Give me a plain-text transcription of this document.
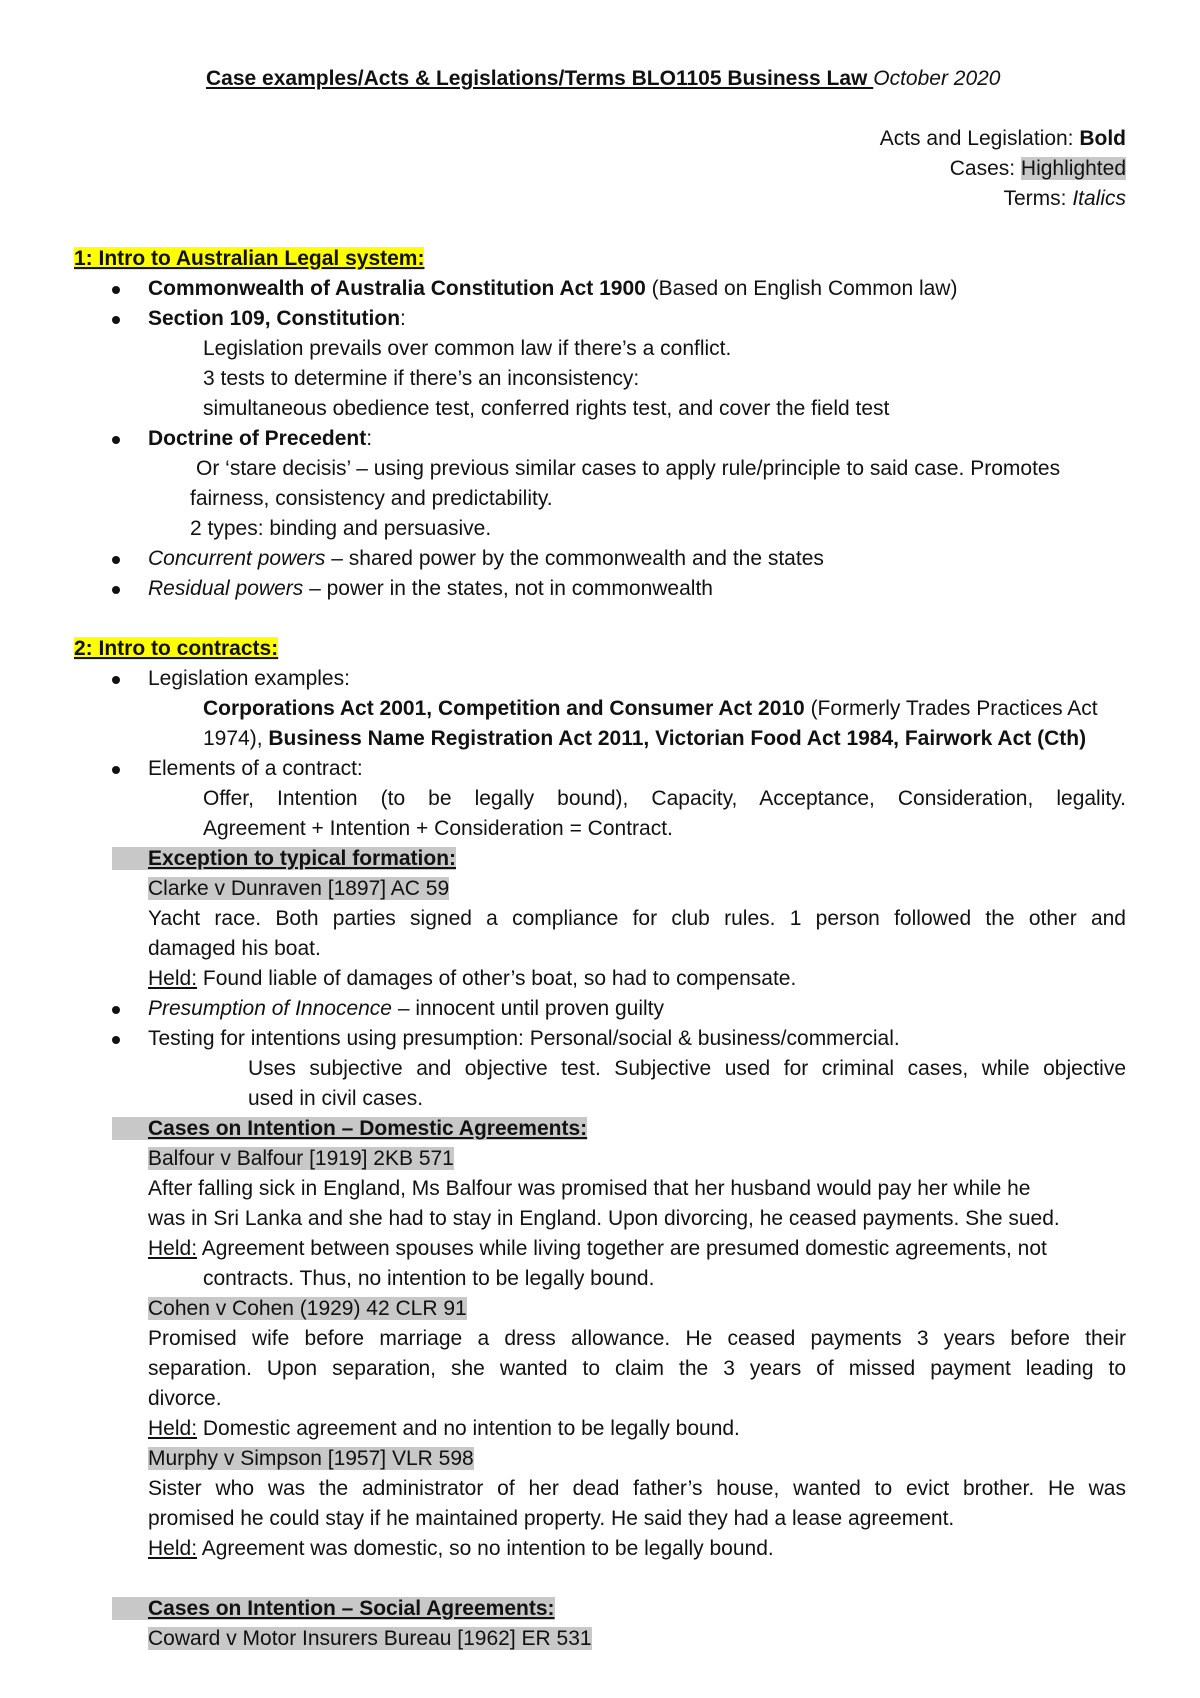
Case examples/Acts & Legislations/Terms BLO1105 Business Law October 2020
Acts and Legislation: Bold
Cases: Highlighted
Terms: Italics
1: Intro to Australian Legal system:
Commonwealth of Australia Constitution Act 1900 (Based on English Common law)
Section 109, Constitution:
Legislation prevails over common law if there’s a conflict.
3 tests to determine if there’s an inconsistency:
simultaneous obedience test, conferred rights test, and cover the field test
Doctrine of Precedent:
Or ‘stare decisis’ – using previous similar cases to apply rule/principle to said case. Promotes
fairness, consistency and predictability.
2 types: binding and persuasive.
Concurrent powers – shared power by the commonwealth and the states
Residual powers – power in the states, not in commonwealth
2: Intro to contracts:
Legislation examples:
Corporations Act 2001, Competition and Consumer Act 2010 (Formerly Trades Practices Act
1974), Business Name Registration Act 2011, Victorian Food Act 1984, Fairwork Act (Cth)
Elements of a contract:
Offer, Intention (to be legally bound), Capacity, Acceptance, Consideration, legality.
Agreement + Intention + Consideration = Contract.
Exception to typical formation:
Clarke v Dunraven [1897] AC 59
Yacht race. Both parties signed a compliance for club rules. 1 person followed the other and
damaged his boat.
Held: Found liable of damages of other’s boat, so had to compensate.
Presumption of Innocence – innocent until proven guilty
Testing for intentions using presumption: Personal/social & business/commercial.
Uses subjective and objective test. Subjective used for criminal cases, while objective
used in civil cases.
Cases on Intention – Domestic Agreements:
Balfour v Balfour [1919] 2KB 571
After falling sick in England, Ms Balfour was promised that her husband would pay her while he
was in Sri Lanka and she had to stay in England. Upon divorcing, he ceased payments. She sued.
Held: Agreement between spouses while living together are presumed domestic agreements, not
contracts. Thus, no intention to be legally bound.
Cohen v Cohen (1929) 42 CLR 91
Promised wife before marriage a dress allowance. He ceased payments 3 years before their
separation. Upon separation, she wanted to claim the 3 years of missed payment leading to
divorce.
Held: Domestic agreement and no intention to be legally bound.
Murphy v Simpson [1957] VLR 598
Sister who was the administrator of her dead father’s house, wanted to evict brother. He was
promised he could stay if he maintained property. He said they had a lease agreement.
Held: Agreement was domestic, so no intention to be legally bound.
Cases on Intention – Social Agreements:
Coward v Motor Insurers Bureau [1962] ER 531
